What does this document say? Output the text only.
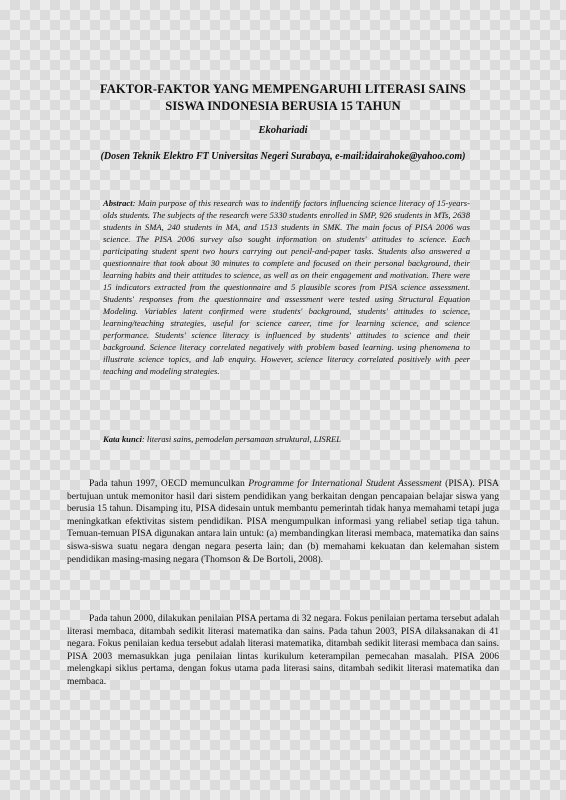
FAKTOR-FAKTOR YANG MEMPENGARUHI LITERASI SAINS
SISWA INDONESIA BERUSIA 15 TAHUN
Ekohariadi
(Dosen Teknik Elektro FT Universitas Negeri Surabaya, e-mail:idairahoke@yahoo.com)
Abstract: Main purpose of this research was to indentify factors influencing science literacy of 15-years-olds students. The subjects of the research were 5330 students enrolled in SMP, 926 students in MTs, 2638 students in SMA, 240 students in MA, and 1513 students in SMK. The main focus of PISA 2006 was science. The PISA 2006 survey also sought information on students' attitudes to science. Each participating student spent two hours carrying out pencil-and-paper tasks. Students also answered a questionnaire that took about 30 minutes to complete and focused on their personal background, their learning habits and their attitudes to science, as well as on their engagement and motivation. There were 15 indicators extracted from the questionnaire and 5 plausible scores from PISA science assessment. Students' responses from the questionnaire and assessment were tested using Structural Equation Modeling. Variables latent confirmed were students' background, students' attitudes to science, learning/teaching strategies, useful for science career, time for learning science, and science performance. Students' science literacy is influenced by students' attitudes to science and their background. Science literacy correlated negatively with problem based learning. using phenomena to illustrate science topics, and lab enquiry. However, science literacy correlated positively with peer teaching and modeling strategies.
Kata kunci: literasi sains, pemodelan persamaan struktural, LISREL
Pada tahun 1997, OECD memunculkan Programme for International Student Assessment (PISA). PISA bertujuan untuk memonitor hasil dari sistem pendidikan yang berkaitan dengan pencapaian belajar siswa yang berusia 15 tahun. Disamping itu, PISA didesain untuk membantu pemerintah tidak hanya memahami tetapi juga meningkatkan efektivitas sistem pendidikan. PISA mengumpulkan informasi yang reliabel setiap tiga tahun. Temuan-temuan PISA digunakan antara lain untuk: (a) membandingkan literasi membaca, matematika dan sains siswa-siswa suatu negara dengan negara peserta lain; dan (b) memahami kekuatan dan kelemahan sistem pendidikan masing-masing negara (Thomson & De Bortoli, 2008).
Pada tahun 2000, dilakukan penilaian PISA pertama di 32 negara. Fokus penilaian pertama tersebut adalah literasi membaca, ditambah sedikit literasi matematika dan sains. Pada tahun 2003, PISA dilaksanakan di 41 negara. Fokus penilaian kedua tersebut adalah literasi matematika, ditambah sedikit literasi membaca dan sains. PISA 2003 memasukkan juga penilaian lintas kurikulum keterampilan pemecahan masalah. PISA 2006 melengkapi siklus pertama, dengan fokus utama pada literasi sains, ditambah sedikit literasi matematika dan membaca.
